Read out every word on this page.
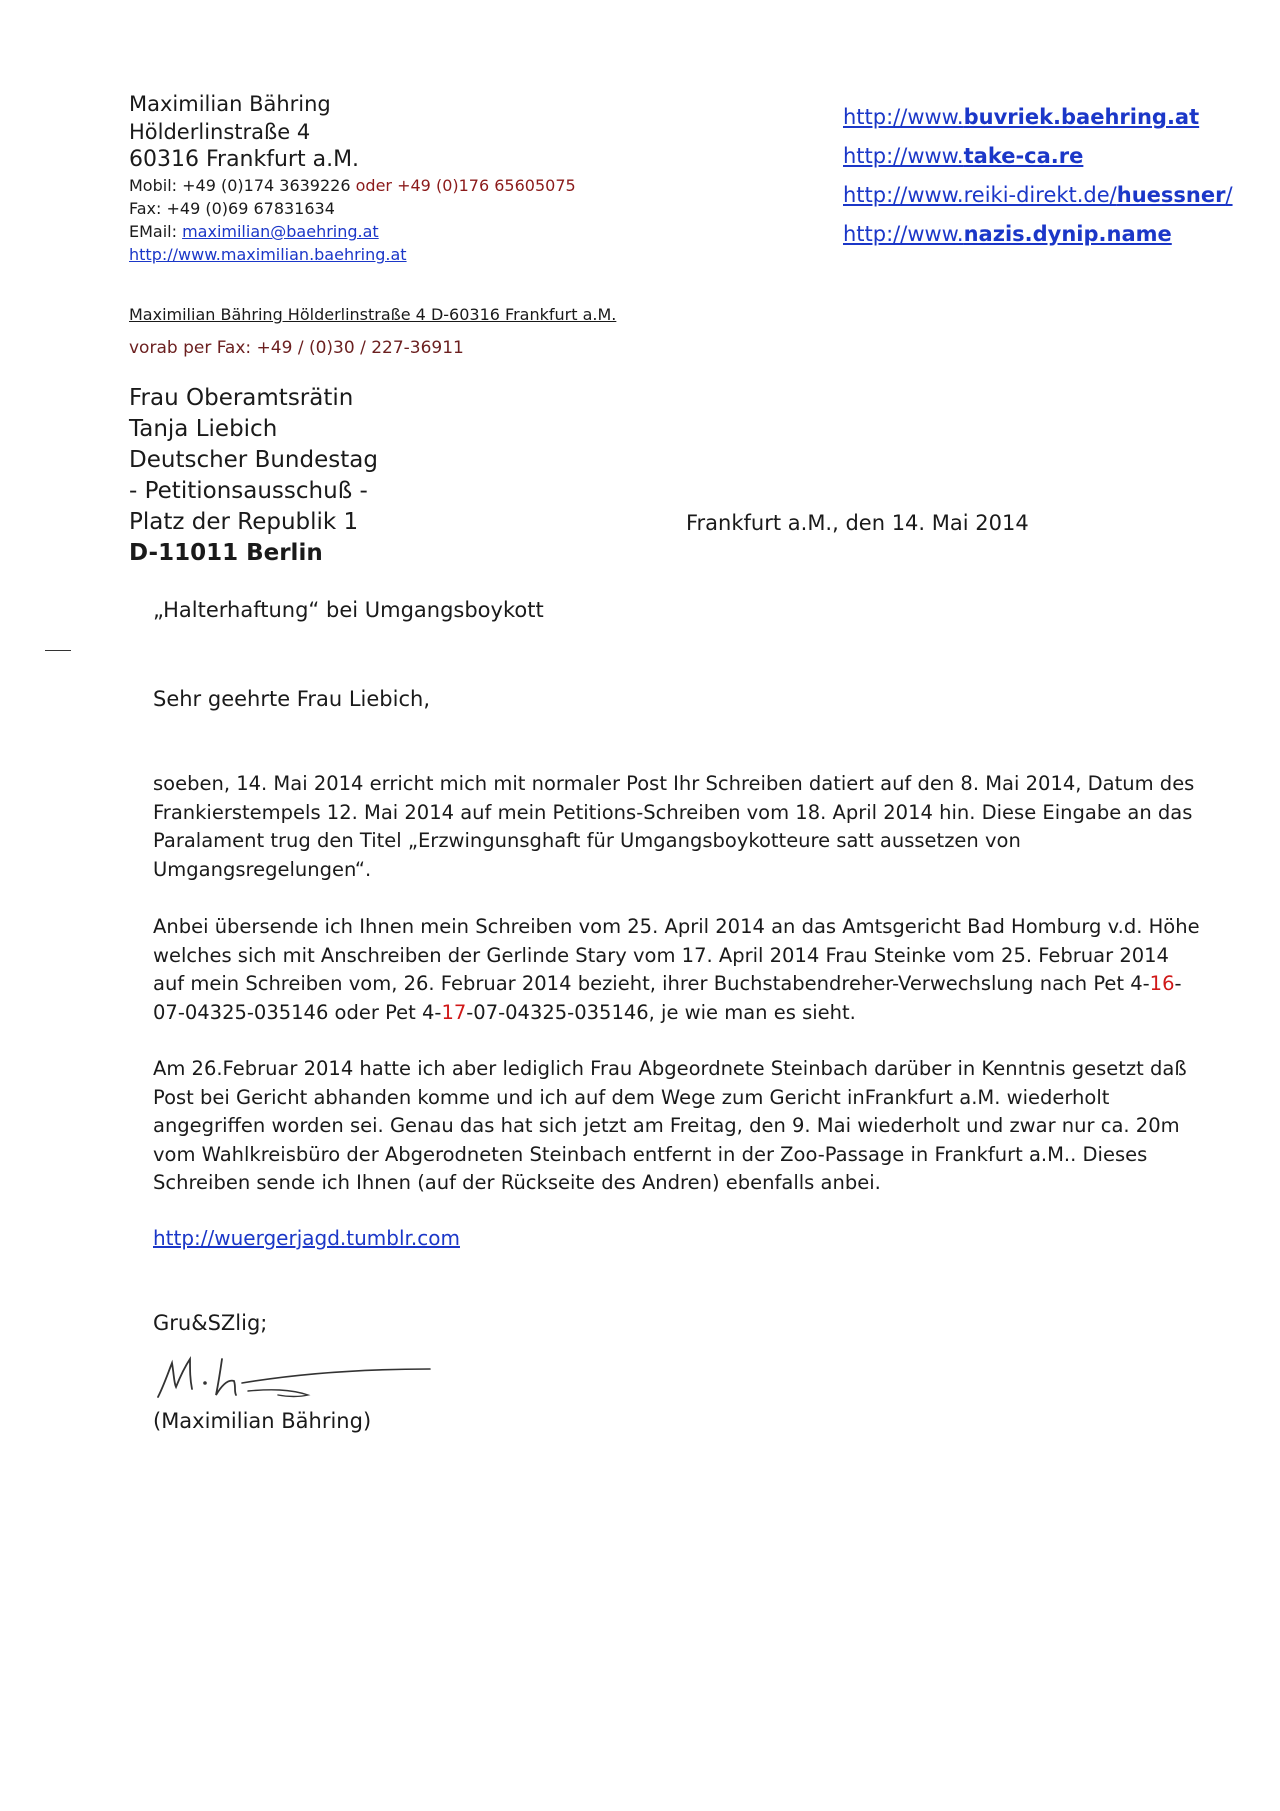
Maximilian Bähring
Hölderlinstraße 4
60316 Frankfurt a.M.
Mobil: +49 (0)174 3639226 oder +49 (0)176 65605075
Fax: +49 (0)69 67831634
EMail: maximilian@baehring.at
http://www.maximilian.baehring.at
http://www.buvriek.baehring.at
http://www.take-ca.re
http://www.reiki-direkt.de/huessner/
http://www.nazis.dynip.name
Maximilian Bähring Hölderlinstraße 4 D-60316 Frankfurt a.M.
vorab per Fax: +49 / (0)30 / 227-36911
Frau Oberamtsrätin
Tanja Liebich
Deutscher Bundestag
- Petitionsausschuß -
Platz der Republik 1
D-11011 Berlin
Frankfurt a.M., den 14. Mai 2014
„Halterhaftung“ bei Umgangsboykott
Sehr geehrte Frau Liebich,

soeben, 14. Mai 2014 erricht mich mit normaler Post Ihr Schreiben datiert auf den 8. Mai 2014, Datum des Frankierstempels 12. Mai 2014 auf mein Petitions-Schreiben vom 18. April 2014 hin. Diese Eingabe an das Paralament trug den Titel „Erzwingunsghaft für Umgangsboykotteure satt aussetzen von Umgangsregelungen“.

Anbei übersende ich Ihnen mein Schreiben vom 25. April 2014 an das Amtsgericht Bad Homburg v.d. Höhe welches sich mit Anschreiben der Gerlinde Stary vom 17. April 2014 Frau Steinke vom 25. Februar 2014 auf mein Schreiben vom, 26. Februar 2014 bezieht, ihrer Buchstabendreher-Verwechslung nach Pet 4-16-07-04325-035146 oder Pet 4-17-07-04325-035146, je wie man es sieht.

Am 26.Februar 2014 hatte ich aber lediglich Frau Abgeordnete Steinbach darüber in Kenntnis gesetzt daß Post bei Gericht abhanden komme und ich auf dem Wege zum Gericht inFrankfurt a.M. wiederholt angegriffen worden sei. Genau das hat sich jetzt am Freitag, den 9. Mai wiederholt und zwar nur ca. 20m vom Wahlkreisbüro der Abgerodneten Steinbach entfernt in der Zoo-Passage in Frankfurt a.M.. Dieses Schreiben sende ich Ihnen (auf der Rückseite des Andren) ebenfalls anbei.

http://wuergerjagd.tumblr.com
Gru&SZlig;
(Maximilian Bähring)
